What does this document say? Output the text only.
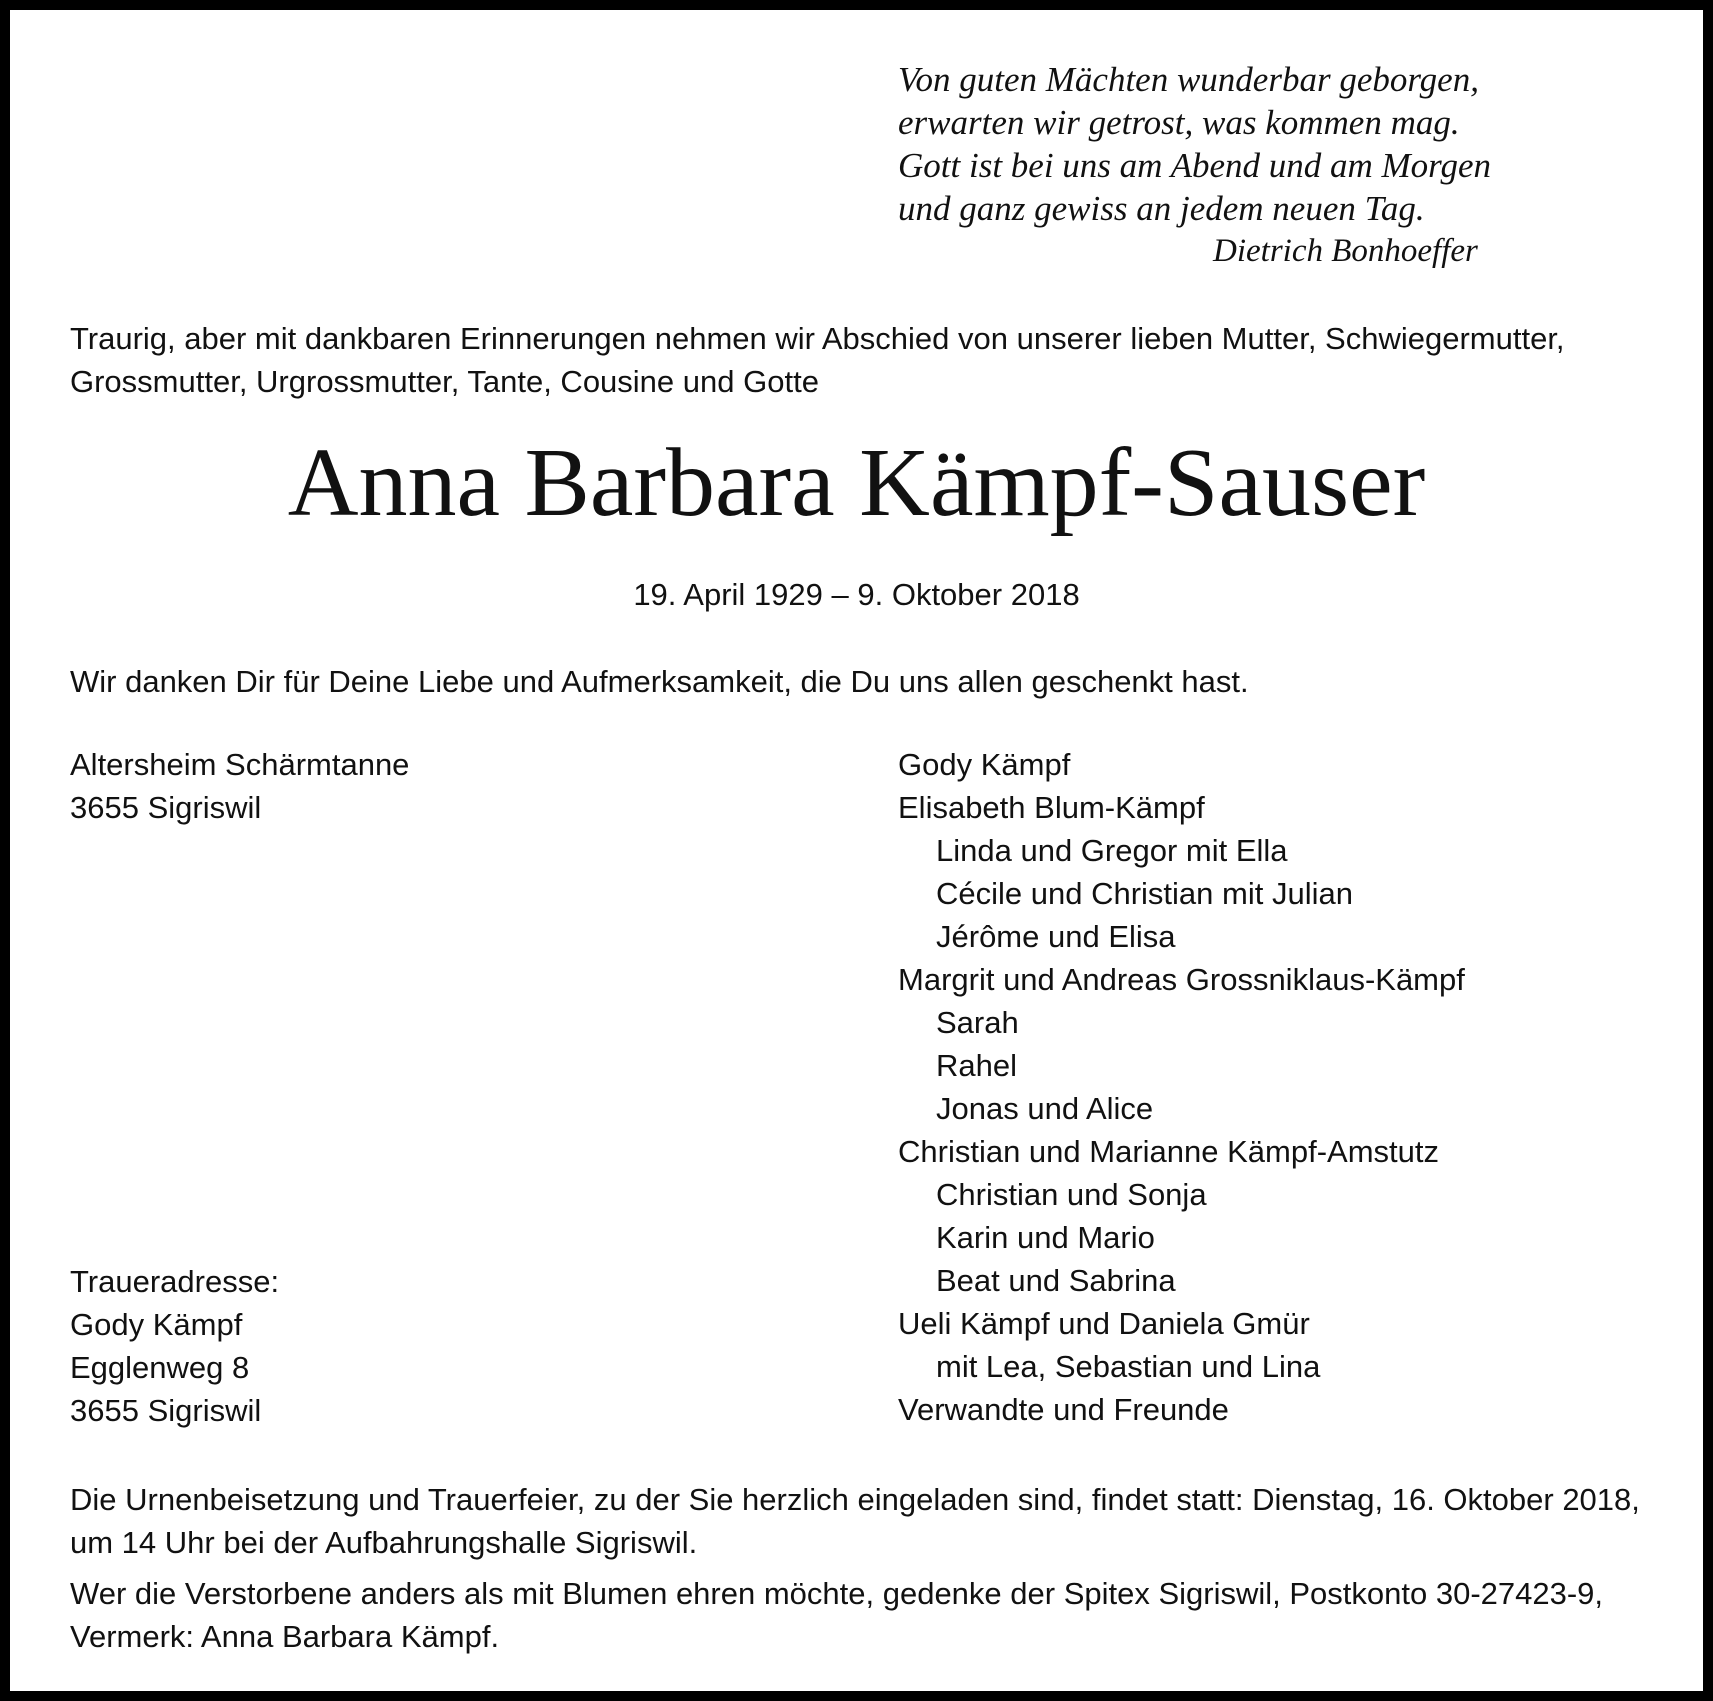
Von guten Mächten wunderbar geborgen,
erwarten wir getrost, was kommen mag.
Gott ist bei uns am Abend und am Morgen
und ganz gewiss an jedem neuen Tag.
Dietrich Bonhoeffer
Traurig, aber mit dankbaren Erinnerungen nehmen wir Abschied von unserer lieben Mutter, Schwiegermutter, Grossmutter, Urgrossmutter, Tante, Cousine und Gotte
Anna Barbara Kämpf-Sauser
19. April 1929 – 9. Oktober 2018
Wir danken Dir für Deine Liebe und Aufmerksamkeit, die Du uns allen geschenkt hast.
Altersheim Schärmtanne
3655 Sigriswil
Traueradresse:
Gody Kämpf
Egglenweg 8
3655 Sigriswil
Gody Kämpf
Elisabeth Blum-Kämpf
Linda und Gregor mit Ella
Cécile und Christian mit Julian
Jérôme und Elisa
Margrit und Andreas Grossniklaus-Kämpf
Sarah
Rahel
Jonas und Alice
Christian und Marianne Kämpf-Amstutz
Christian und Sonja
Karin und Mario
Beat und Sabrina
Ueli Kämpf und Daniela Gmür
mit Lea, Sebastian und Lina
Verwandte und Freunde
Die Urnenbeisetzung und Trauerfeier, zu der Sie herzlich eingeladen sind, findet statt: Dienstag, 16. Oktober 2018, um 14 Uhr bei der Aufbahrungshalle Sigriswil.
Wer die Verstorbene anders als mit Blumen ehren möchte, gedenke der Spitex Sigriswil, Postkonto 30-27423-9, Vermerk: Anna Barbara Kämpf.
